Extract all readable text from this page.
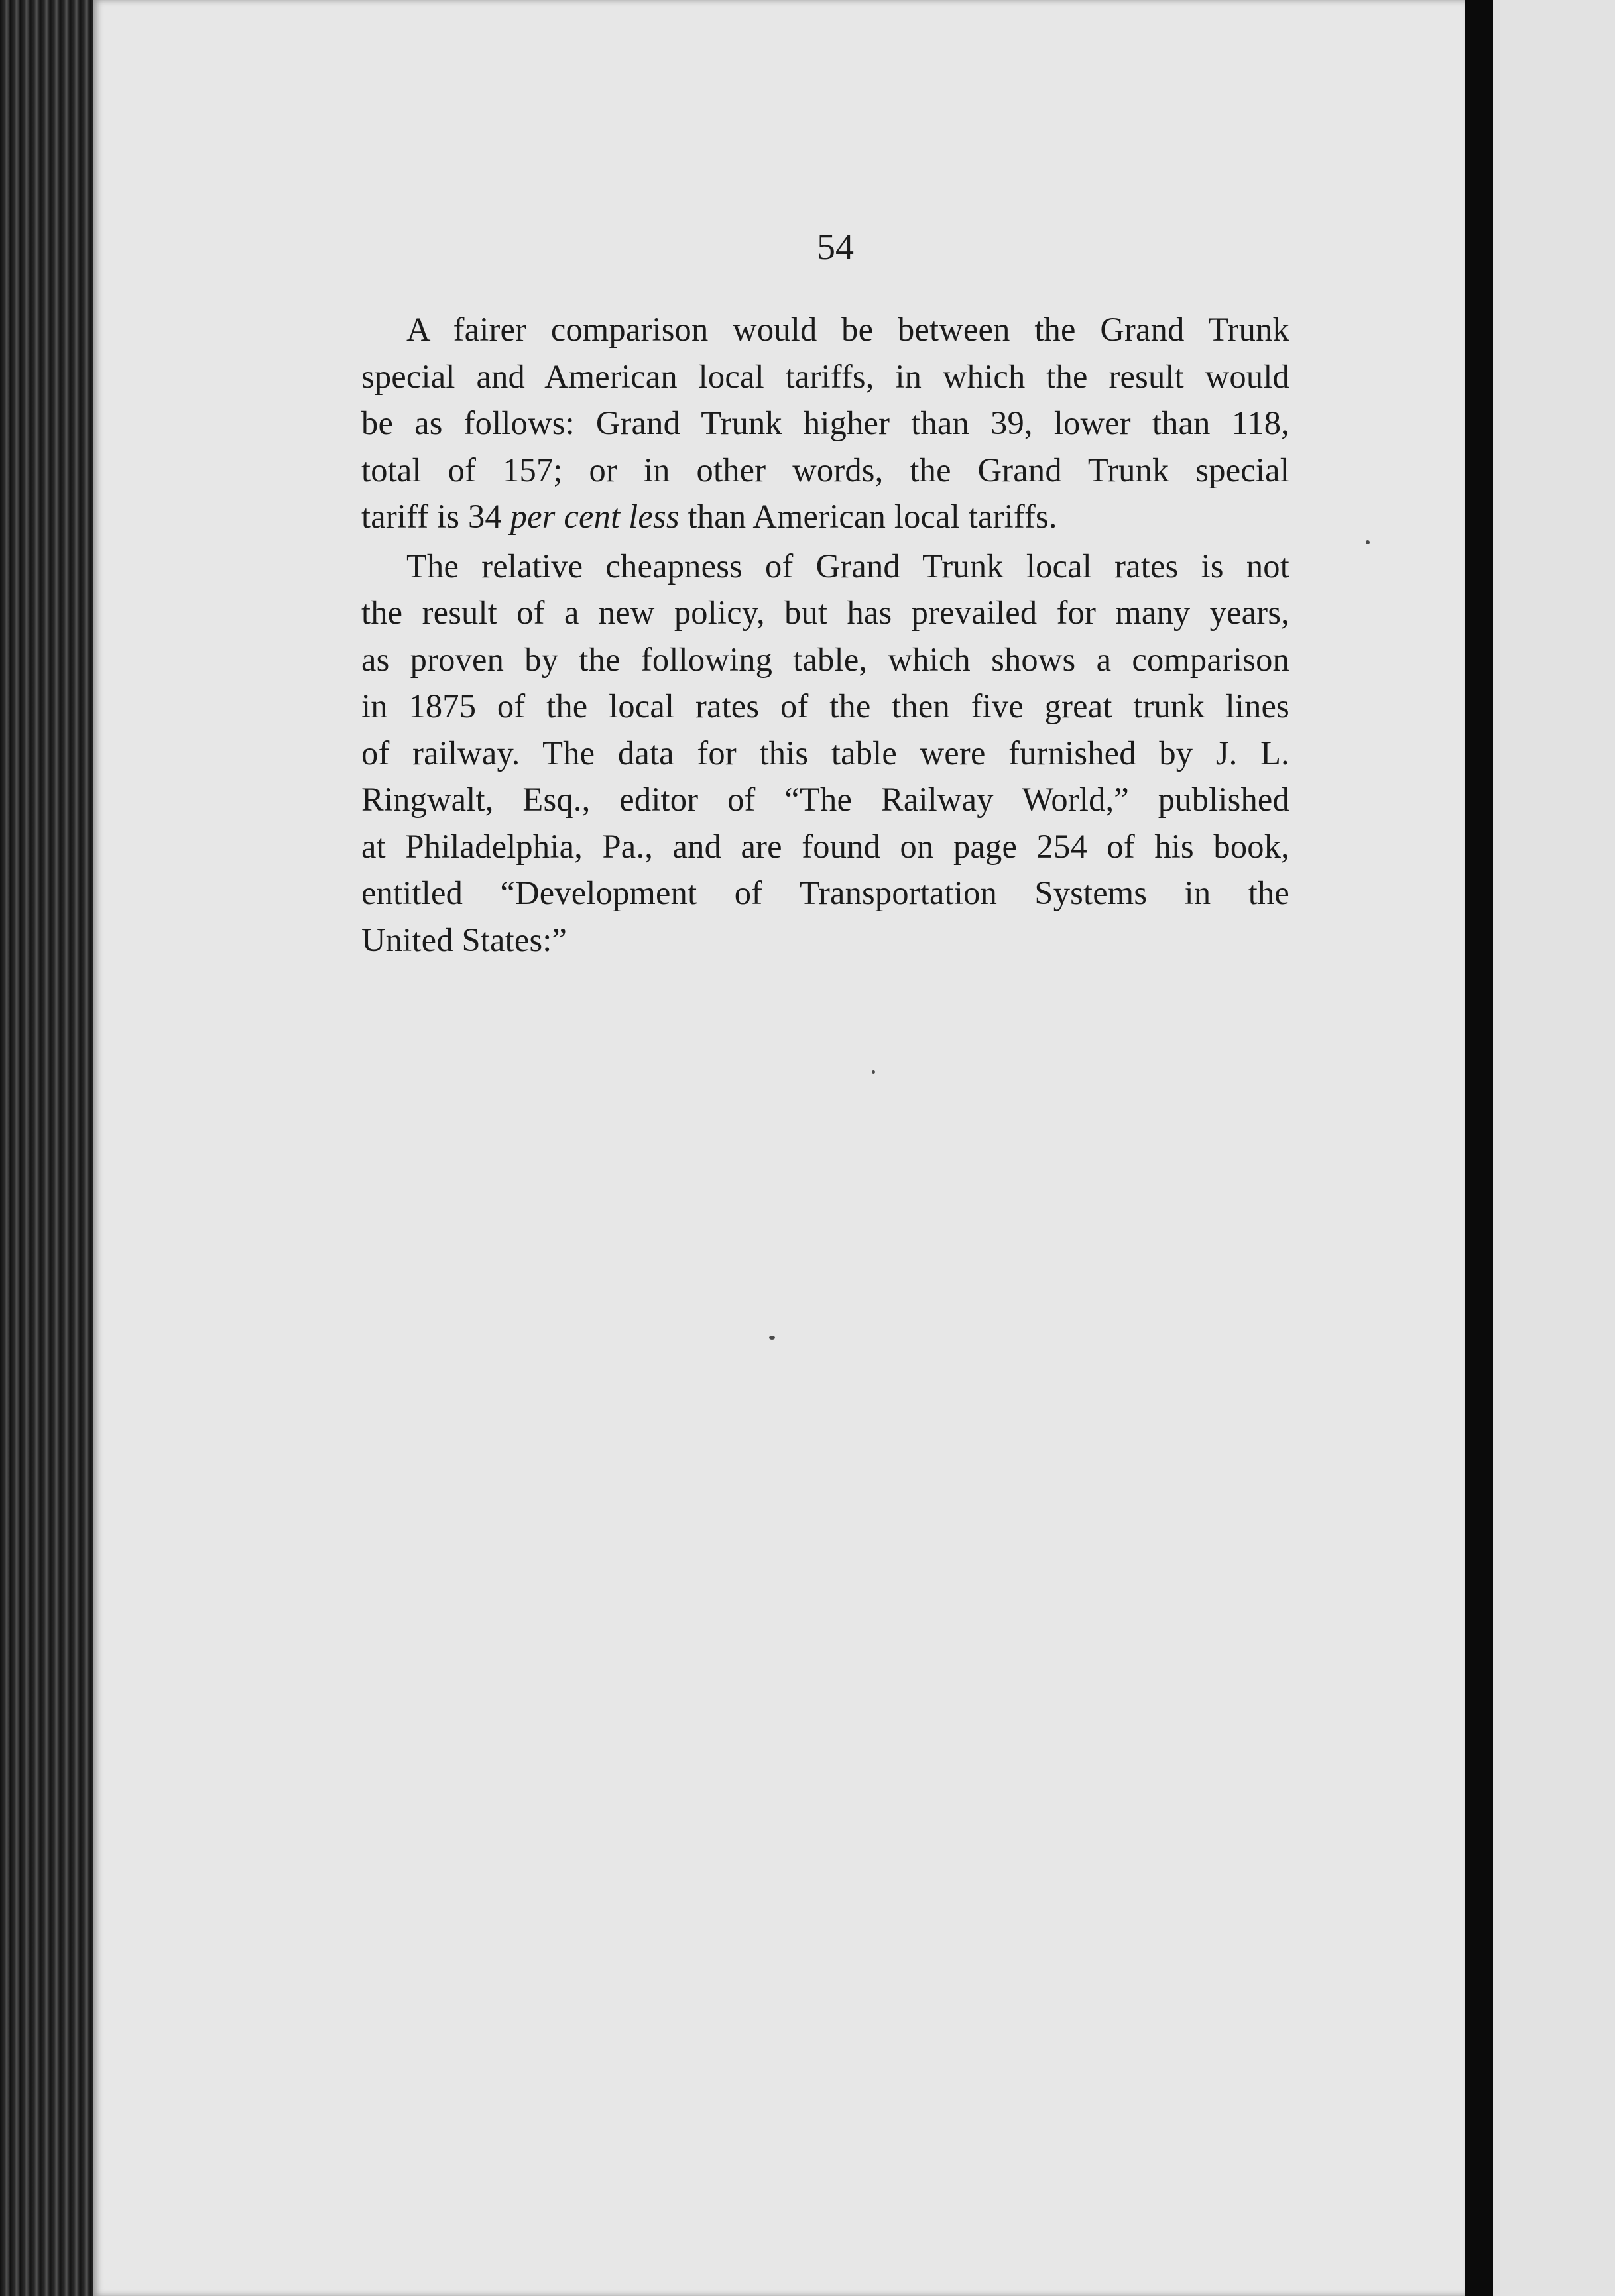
54
A fairer comparison would be between the Grand Trunk
special and American local tariffs, in which the result would
be as follows: Grand Trunk higher than 39, lower than 118,
total of 157; or in other words, the Grand Trunk special
tariff is 34 per cent less than American local tariffs.
The relative cheapness of Grand Trunk local rates is not
the result of a new policy, but has prevailed for many years,
as proven by the following table, which shows a comparison
in 1875 of the local rates of the then five great trunk lines
of railway. The data for this table were furnished by J. L.
Ringwalt, Esq., editor of “The Railway World,” published
at Philadelphia, Pa., and are found on page 254 of his book,
entitled “Development of Transportation Systems in the
United States:”
